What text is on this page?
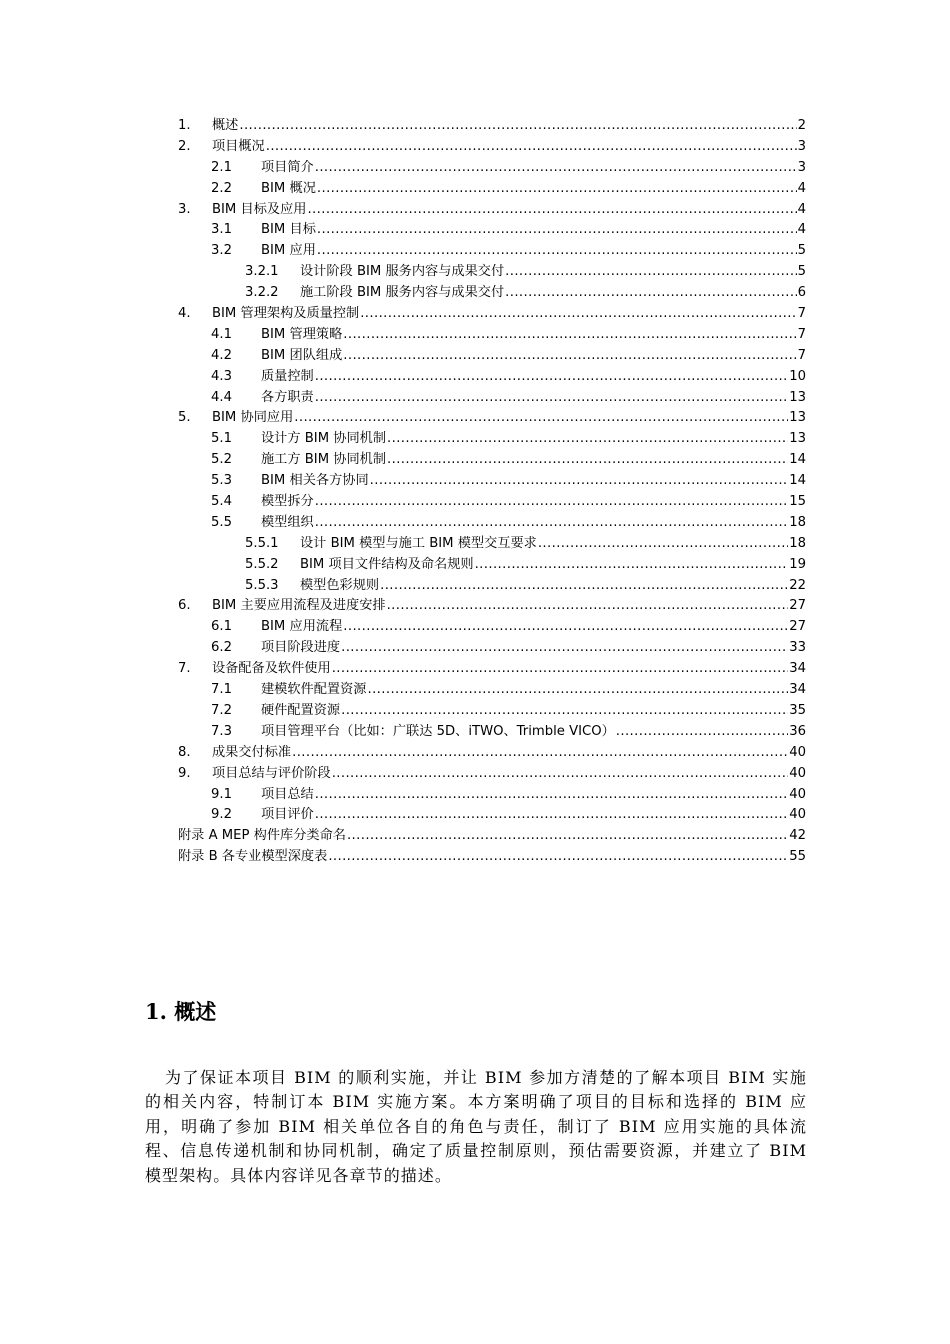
1.	概述 .....	2
2.	项目概况 .....	3
2.1	项目简介 .....	3
2.2	BIM 概况 .....	4
3.	BIM 目标及应用 .....	4
3.1	BIM 目标 .....	4
3.2	BIM 应用 .....	5
3.2.1	设计阶段 BIM 服务内容与成果交付 .....	5
3.2.2	施工阶段 BIM 服务内容与成果交付 .....	6
4.	BIM 管理架构及质量控制 .....	7
4.1	BIM 管理策略 .....	7
4.2	BIM 团队组成 .....	7
4.3	质量控制 .....	10
4.4	各方职责 .....	13
5.	BIM 协同应用 .....	13
5.1	设计方 BIM 协同机制 .....	13
5.2	施工方 BIM 协同机制 .....	14
5.3	BIM 相关各方协同 .....	14
5.4	模型拆分 .....	15
5.5	模型组织 .....	18
5.5.1	设计 BIM 模型与施工 BIM 模型交互要求 .....	18
5.5.2	BIM 项目文件结构及命名规则 .....	19
5.5.3	模型色彩规则 .....	22
6.	BIM 主要应用流程及进度安排 .....	27
6.1	BIM 应用流程 .....	27
6.2	项目阶段进度 .....	33
7.	设备配备及软件使用 .....	34
7.1	建模软件配置资源 .....	34
7.2	硬件配置资源 .....	35
7.3	项目管理平台（比如：广联达 5D、iTWO、Trimble VICO） .....	36
8.	成果交付标准 .....	40
9.	项目总结与评价阶段 .....	40
9.1	项目总结 .....	40
9.2	项目评价 .....	40
附录 A MEP 构件库分类命名 .....	42
附录 B 各专业模型深度表 .....	55
1. 概述

为了保证本项目 BIM 的顺利实施，并让 BIM 参加方清楚的了解本项目 BIM 实施的相关内容，特制订本 BIM 实施方案。本方案明确了项目的目标和选择的 BIM 应用，明确了参加 BIM 相关单位各自的角色与责任，制订了 BIM 应用实施的具体流程、信息传递机制和协同机制，确定了质量控制原则，预估需要资源，并建立了 BIM 模型架构。具体内容详见各章节的描述。
